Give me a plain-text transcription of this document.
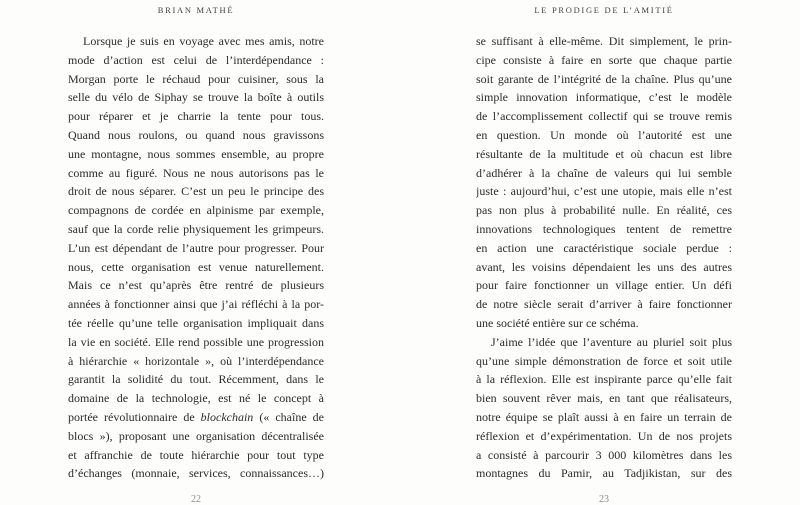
BRIAN MATHÉ
Lorsque je suis en voyage avec mes amis, notre
mode d’action est celui de l’interdépendance :
Morgan porte le réchaud pour cuisiner, sous la
selle du vélo de Siphay se trouve la boîte à outils
pour réparer et je charrie la tente pour tous.
Quand nous roulons, ou quand nous gravissons
une montagne, nous sommes ensemble, au propre
comme au figuré. Nous ne nous autorisons pas le
droit de nous séparer. C’est un peu le principe des
compagnons de cordée en alpinisme par exemple,
sauf que la corde relie physiquement les grimpeurs.
L’un est dépendant de l’autre pour progresser. Pour
nous, cette organisation est venue naturellement.
Mais ce n’est qu’après être rentré de plusieurs
années à fonctionner ainsi que j’ai réfléchi à la por-
tée réelle qu’une telle organisation impliquait dans
la vie en société. Elle rend possible une progression
à hiérarchie « horizontale », où l’interdépendance
garantit la solidité du tout. Récemment, dans le
domaine de la technologie, est né le concept à
portée révolutionnaire de blockchain (« chaîne de
blocs »), proposant une organisation décentralisée
et affranchie de toute hiérarchie pour tout type
d’échanges (monnaie, services, connaissances…)
22
LE PRODIGE DE L’AMITIÉ
se suffisant à elle-même. Dit simplement, le prin-
cipe consiste à faire en sorte que chaque partie
soit garante de l’intégrité de la chaîne. Plus qu’une
simple innovation informatique, c’est le modèle
de l’accomplissement collectif qui se trouve remis
en question. Un monde où l’autorité est une
résultante de la multitude et où chacun est libre
d’adhérer à la chaîne de valeurs qui lui semble
juste : aujourd’hui, c’est une utopie, mais elle n’est
pas non plus à probabilité nulle. En réalité, ces
innovations technologiques tentent de remettre
en action une caractéristique sociale perdue :
avant, les voisins dépendaient les uns des autres
pour faire fonctionner un village entier. Un défi
de notre siècle serait d’arriver à faire fonctionner
une société entière sur ce schéma.
J’aime l’idée que l’aventure au pluriel soit plus
qu’une simple démonstration de force et soit utile
à la réflexion. Elle est inspirante parce qu’elle fait
bien souvent rêver mais, en tant que réalisateurs,
notre équipe se plaît aussi à en faire un terrain de
réflexion et d’expérimentation. Un de nos projets
a consisté à parcourir 3 000 kilomètres dans les
montagnes du Pamir, au Tadjikistan, sur des
23
